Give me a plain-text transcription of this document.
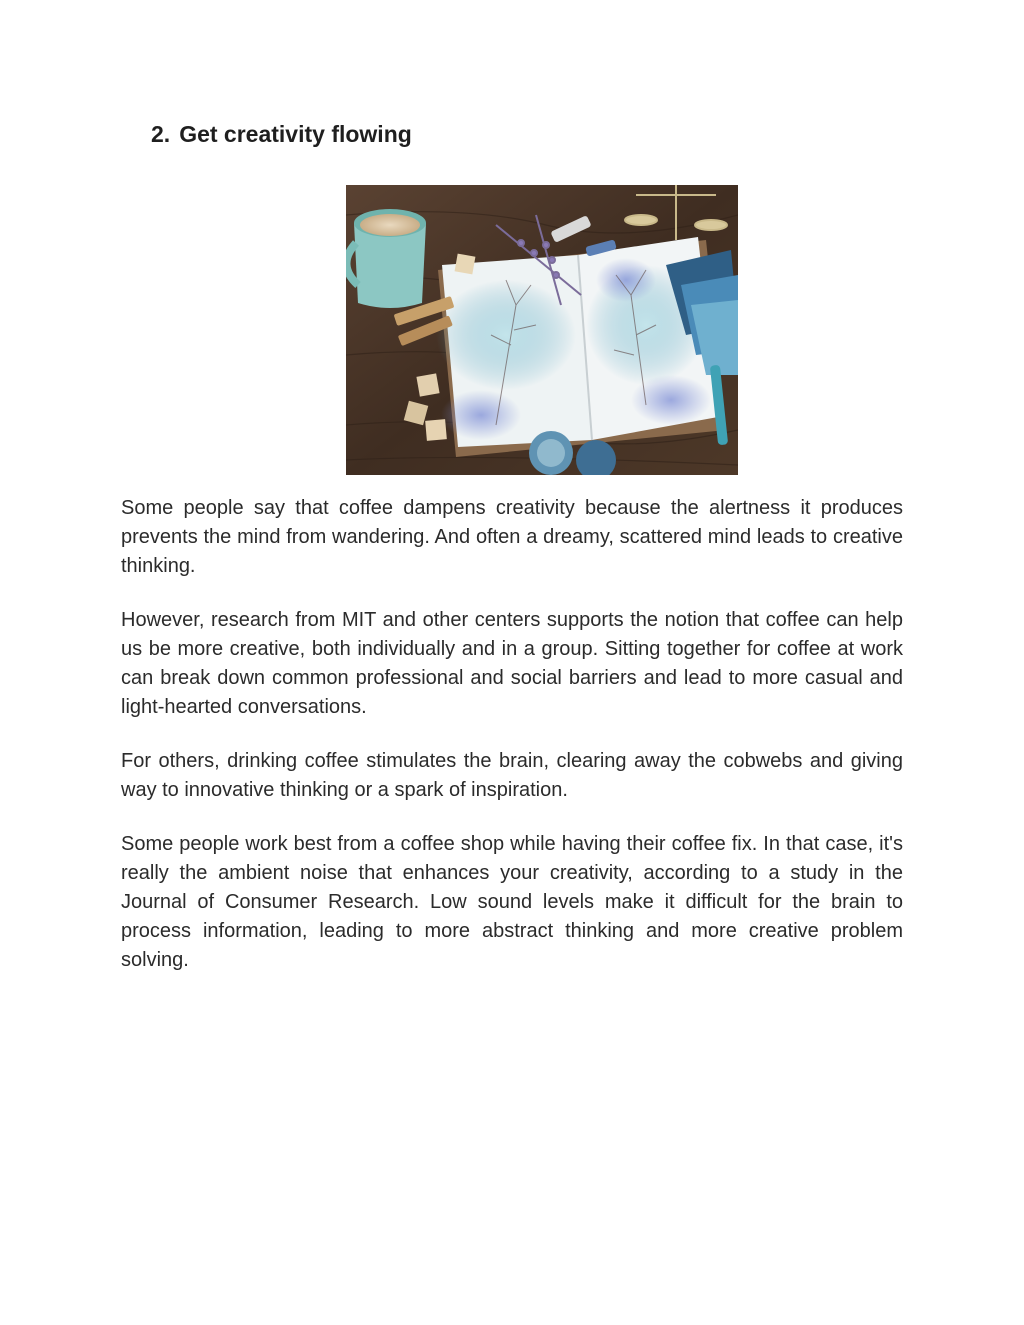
2. Get creativity flowing

Some people say that coffee dampens creativity because the alertness it produces prevents the mind from wandering. And often a dreamy, scattered mind leads to creative thinking.

However, research from MIT and other centers supports the notion that coffee can help us be more creative, both individually and in a group. Sitting together for coffee at work can break down common professional and social barriers and lead to more casual and light-hearted conversations.

For others, drinking coffee stimulates the brain, clearing away the cobwebs and giving way to innovative thinking or a spark of inspiration.

Some people work best from a coffee shop while having their coffee fix. In that case, it's really the ambient noise that enhances your creativity, according to a study in the Journal of Consumer Research. Low sound levels make it difficult for the brain to process information, leading to more abstract thinking and more creative problem solving.
